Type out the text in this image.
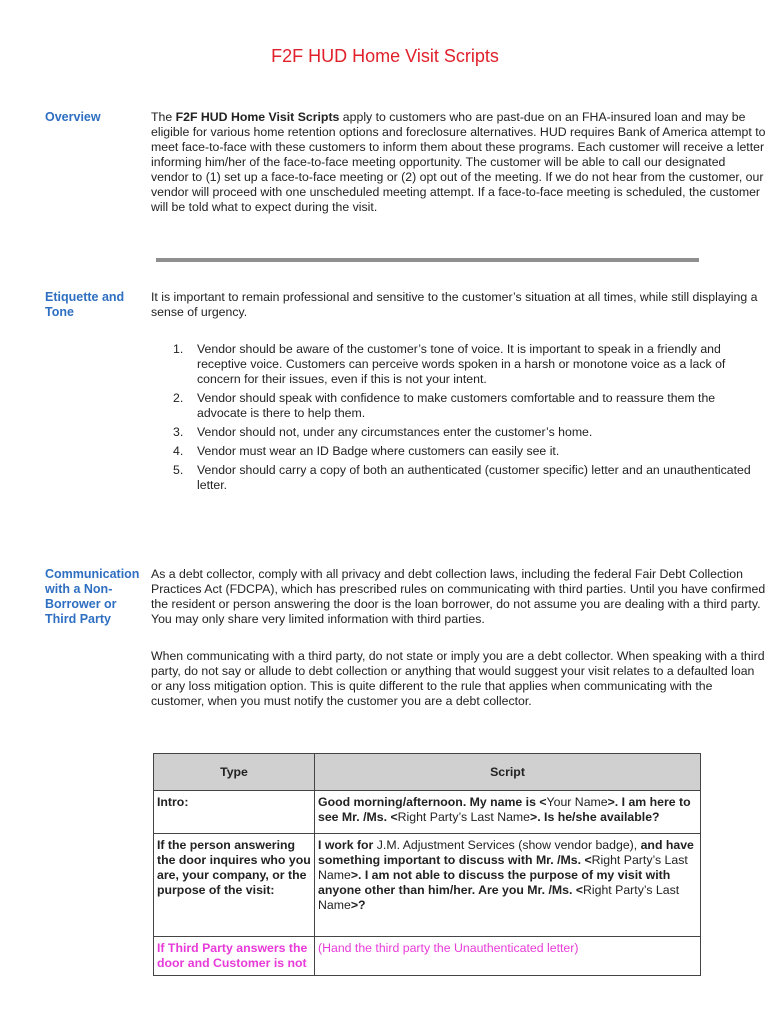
F2F HUD Home Visit Scripts
Overview	The F2F HUD Home Visit Scripts apply to customers who are past-due on an FHA-insured loan and may be eligible for various home retention options and foreclosure alternatives. HUD requires Bank of America attempt to meet face-to-face with these customers to inform them about these programs. Each customer will receive a letter informing him/her of the face-to-face meeting opportunity. The customer will be able to call our designated vendor to (1) set up a face-to-face meeting or (2) opt out of the meeting. If we do not hear from the customer, our vendor will proceed with one unscheduled meeting attempt. If a face-to-face meeting is scheduled, the customer will be told what to expect during the visit.
Etiquette and
Tone
It is important to remain professional and sensitive to the customer’s situation at all times, while still displaying a sense of urgency.
1. Vendor should be aware of the customer’s tone of voice. It is important to speak in a friendly and receptive voice. Customers can perceive words spoken in a harsh or monotone voice as a lack of concern for their issues, even if this is not your intent.
2. Vendor should speak with confidence to make customers comfortable and to reassure them the advocate is there to help them.
3. Vendor should not, under any circumstances enter the customer’s home.
4. Vendor must wear an ID Badge where customers can easily see it.
5. Vendor should carry a copy of both an authenticated (customer specific) letter and an unauthenticated letter.
Communication
with a Non-
Borrower or
Third Party
As a debt collector, comply with all privacy and debt collection laws, including the federal Fair Debt Collection Practices Act (FDCPA), which has prescribed rules on communicating with third parties. Until you have confirmed the resident or person answering the door is the loan borrower, do not assume you are dealing with a third party. You may only share very limited information with third parties.
When communicating with a third party, do not state or imply you are a debt collector. When speaking with a third party, do not say or allude to debt collection or anything that would suggest your visit relates to a defaulted loan or any loss mitigation option. This is quite different to the rule that applies when communicating with the customer, when you must notify the customer you are a debt collector.
Type	Script
Intro:	Good morning/afternoon. My name is <Your Name>. I am here to see Mr. /Ms. <Right Party’s Last Name>. Is he/she available?
If the person answering the door inquires who you are, your company, or the purpose of the visit:	I work for J.M. Adjustment Services (show vendor badge), and have something important to discuss with Mr. /Ms. <Right Party’s Last Name>. I am not able to discuss the purpose of my visit with anyone other than him/her. Are you Mr. /Ms. <Right Party’s Last Name>?
If Third Party answers the door and Customer is not	(Hand the third party the Unauthenticated letter)
